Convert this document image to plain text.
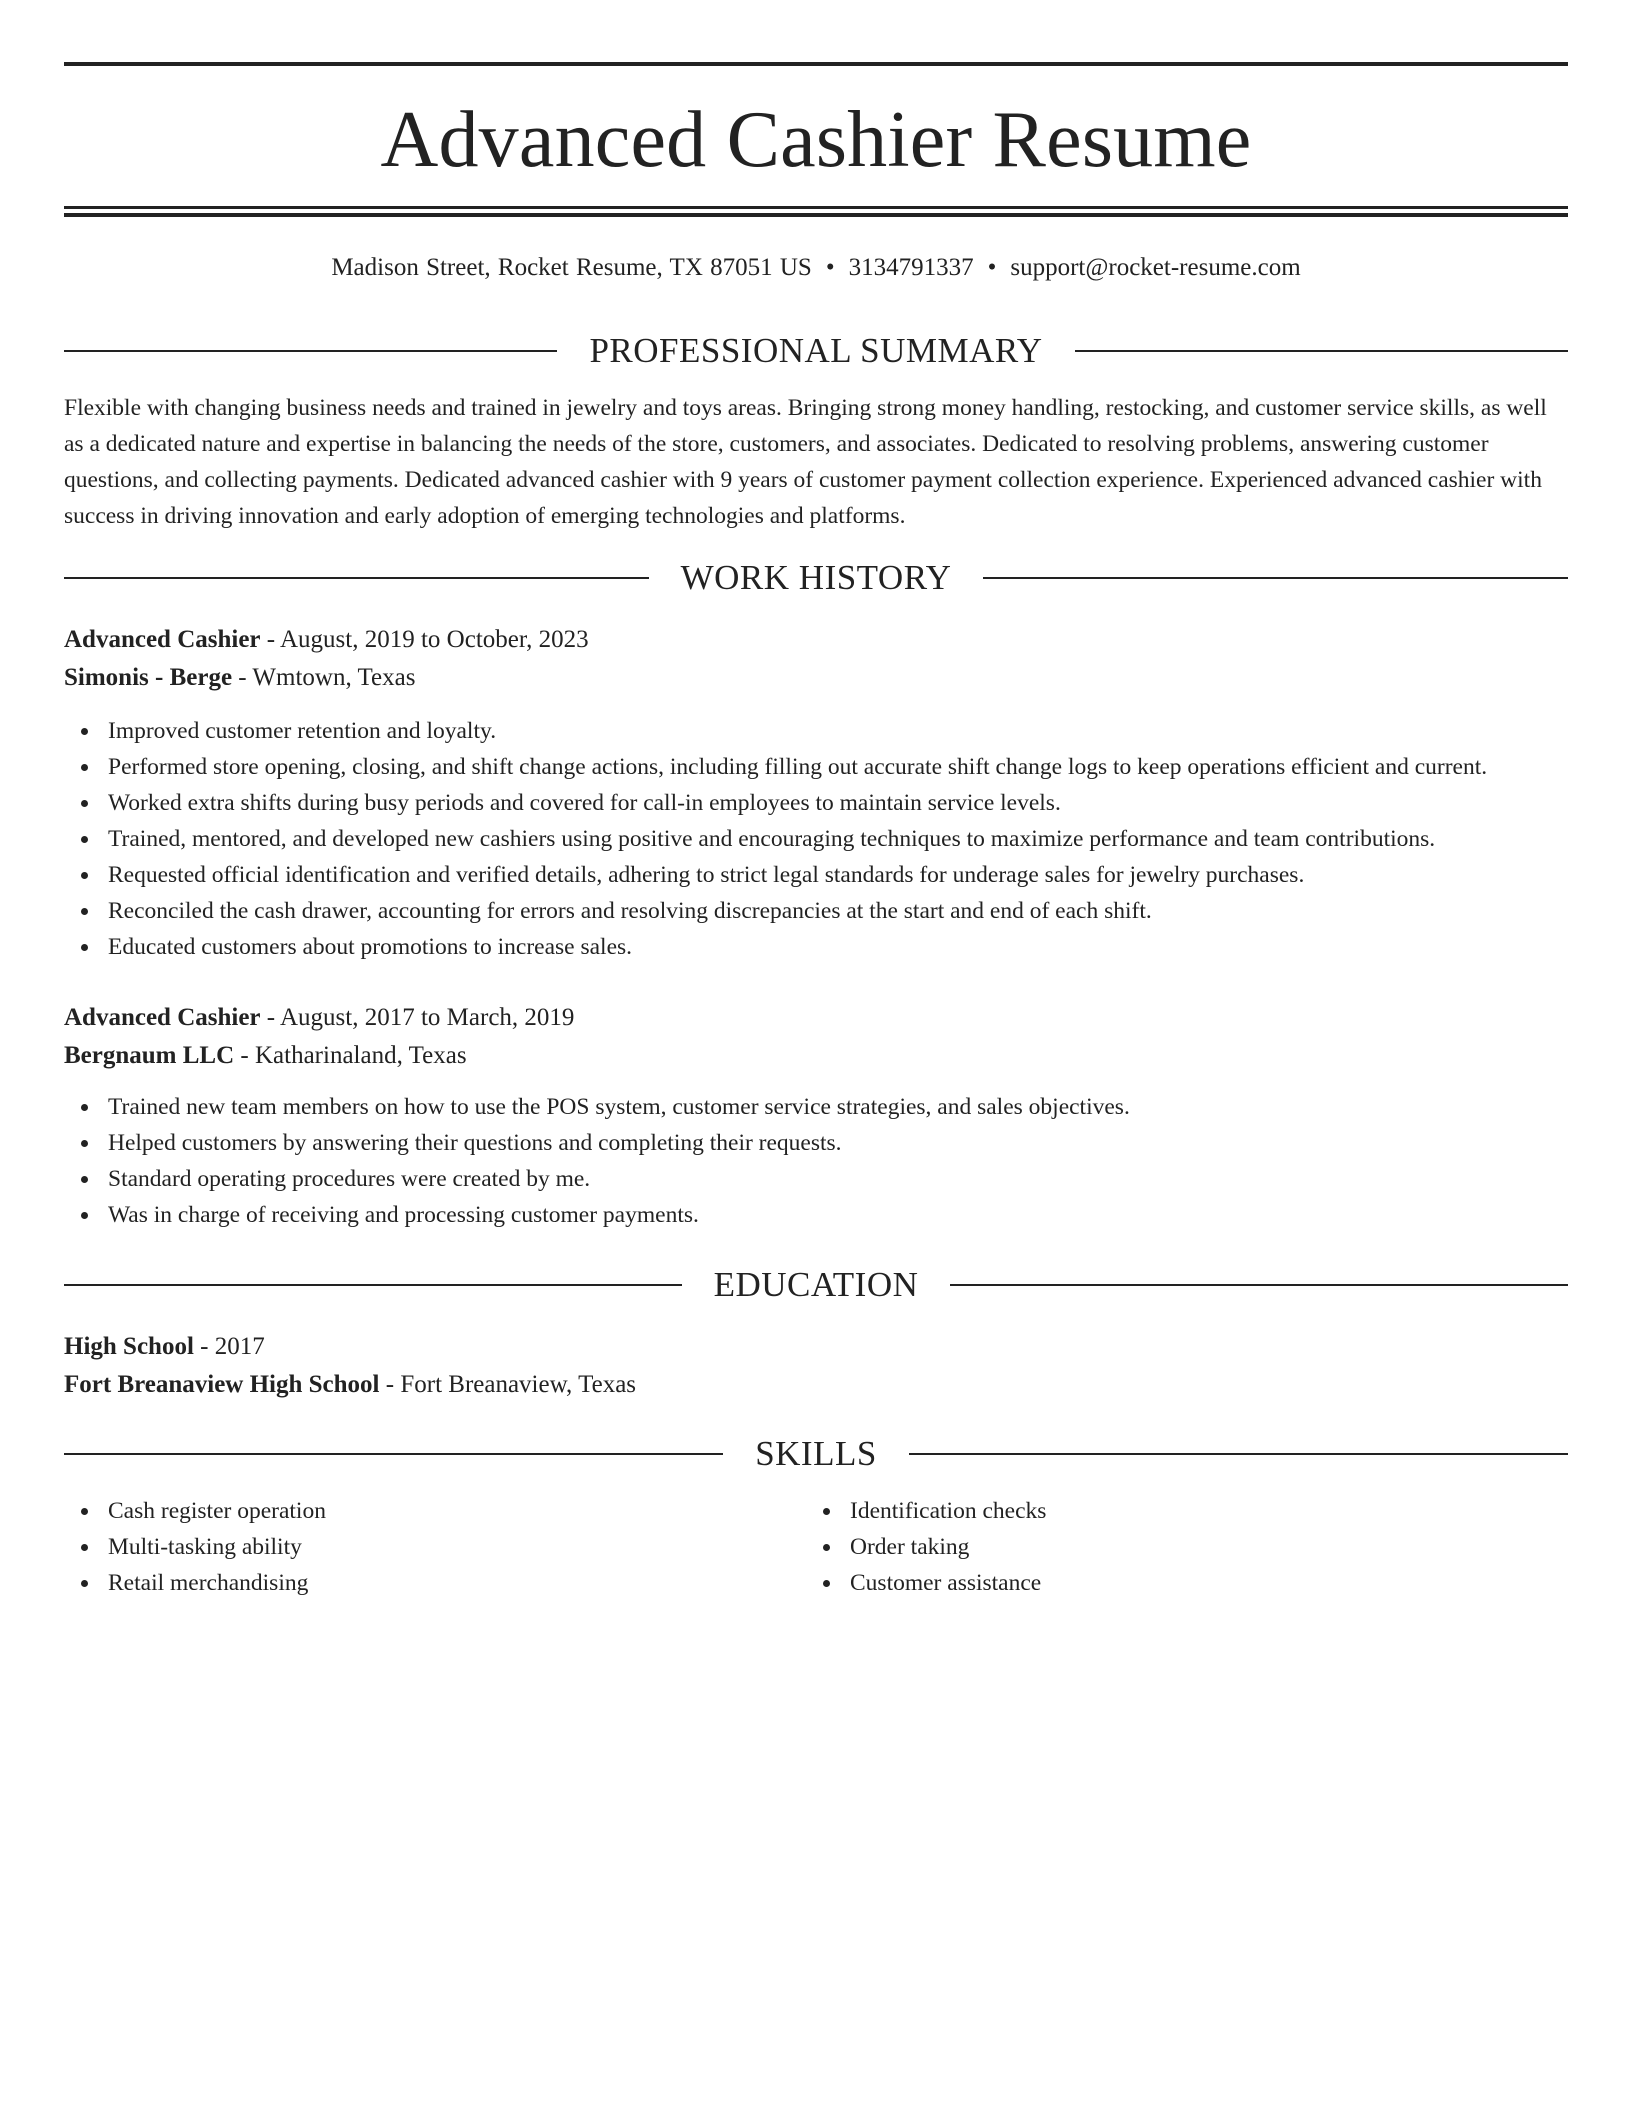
Advanced Cashier Resume
Madison Street, Rocket Resume, TX 87051 US • 3134791337 • support@rocket-resume.com
PROFESSIONAL SUMMARY

Flexible with changing business needs and trained in jewelry and toys areas. Bringing strong money handling, restocking, and customer service skills, as well as a dedicated nature and expertise in balancing the needs of the store, customers, and associates. Dedicated to resolving problems, answering customer questions, and collecting payments. Dedicated advanced cashier with 9 years of customer payment collection experience. Experienced advanced cashier with success in driving innovation and early adoption of emerging technologies and platforms.

WORK HISTORY
Advanced Cashier - August, 2019 to October, 2023
Simonis - Berge - Wmtown, Texas
Improved customer retention and loyalty.
Performed store opening, closing, and shift change actions, including filling out accurate shift change logs to keep operations efficient and current.
Worked extra shifts during busy periods and covered for call-in employees to maintain service levels.
Trained, mentored, and developed new cashiers using positive and encouraging techniques to maximize performance and team contributions.
Requested official identification and verified details, adhering to strict legal standards for underage sales for jewelry purchases.
Reconciled the cash drawer, accounting for errors and resolving discrepancies at the start and end of each shift.
Educated customers about promotions to increase sales.
Advanced Cashier - August, 2017 to March, 2019
Bergnaum LLC - Katharinaland, Texas
Trained new team members on how to use the POS system, customer service strategies, and sales objectives.
Helped customers by answering their questions and completing their requests.
Standard operating procedures were created by me.
Was in charge of receiving and processing customer payments.
EDUCATION
High School - 2017
Fort Breanaview High School - Fort Breanaview, Texas
SKILLS
Cash register operation
Multi-tasking ability
Retail merchandising
Identification checks
Order taking
Customer assistance
